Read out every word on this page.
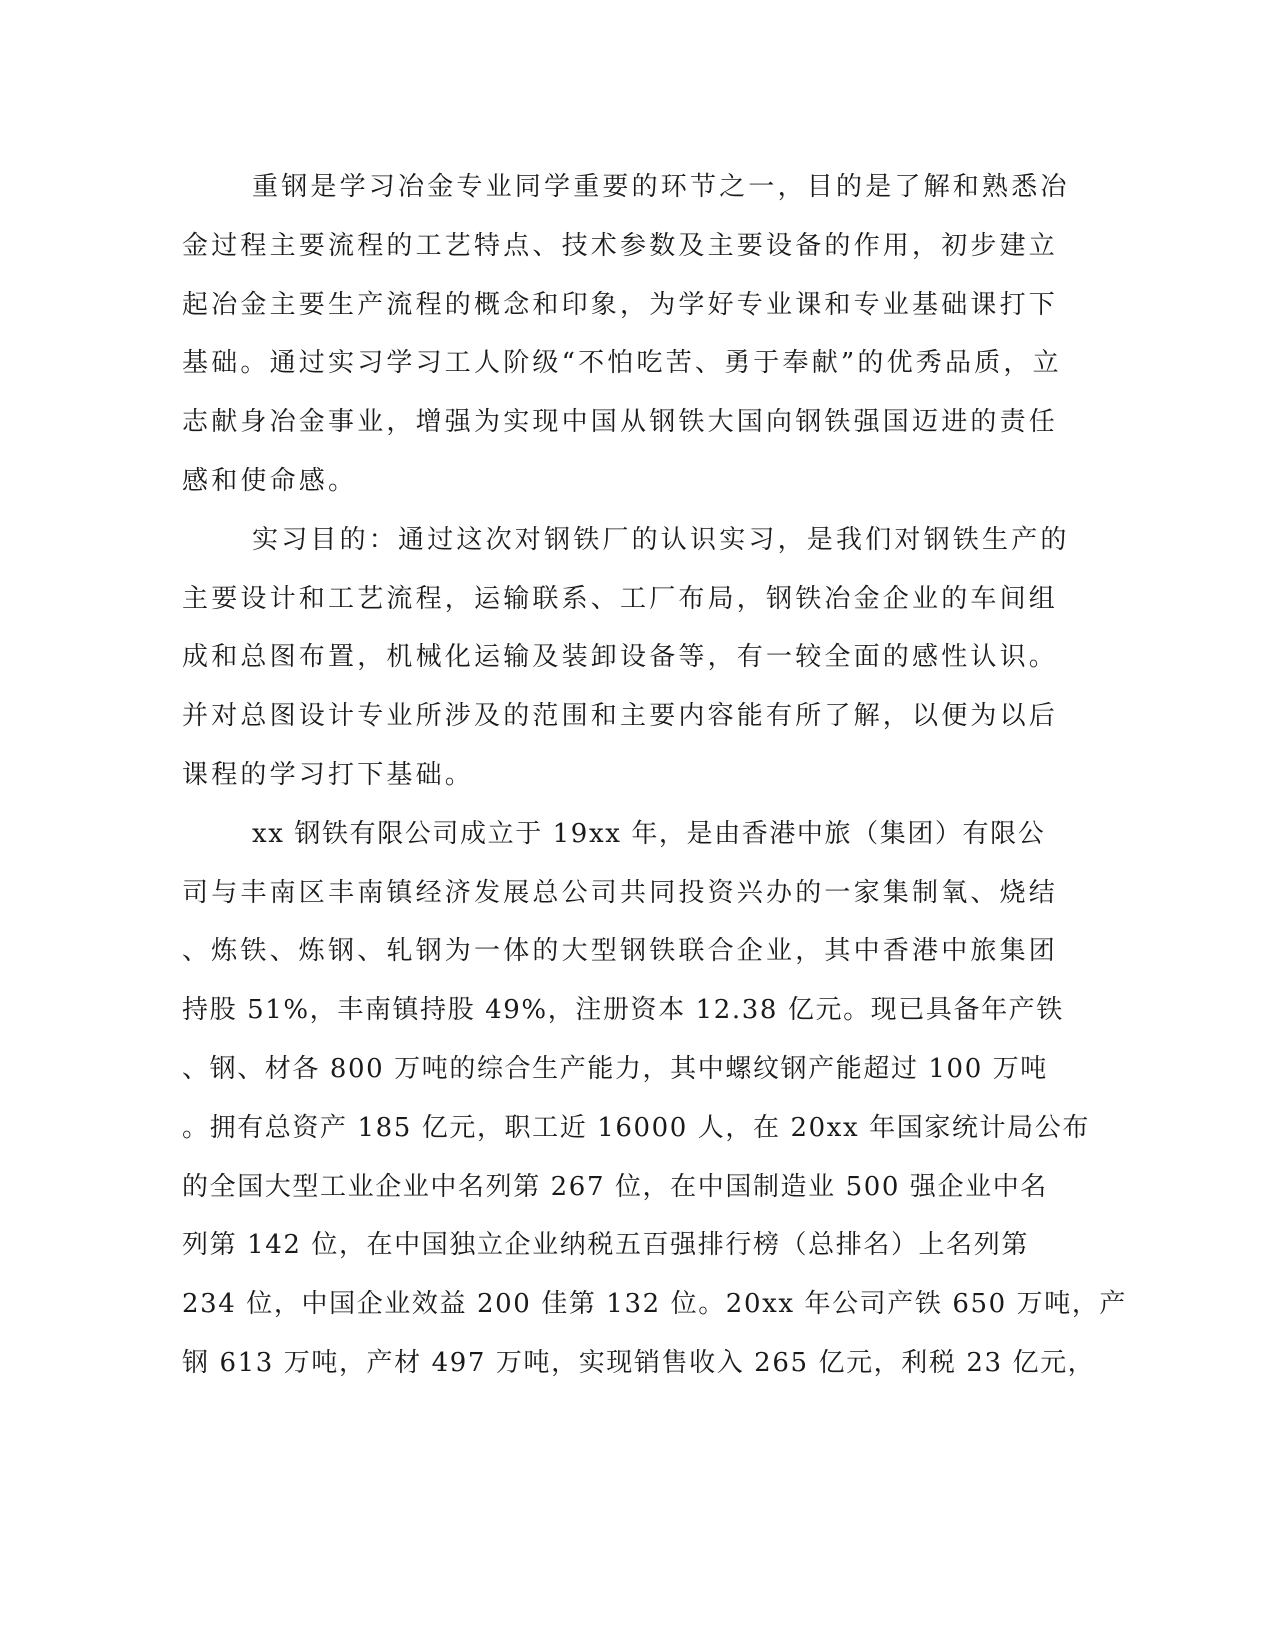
重钢是学习冶金专业同学重要的环节之一，目的是了解和熟悉冶
金过程主要流程的工艺特点、技术参数及主要设备的作用，初步建立
起冶金主要生产流程的概念和印象，为学好专业课和专业基础课打下
基础。通过实习学习工人阶级“不怕吃苦、勇于奉献”的优秀品质，立
志献身冶金事业，增强为实现中国从钢铁大国向钢铁强国迈进的责任
感和使命感。
实习目的：通过这次对钢铁厂的认识实习，是我们对钢铁生产的
主要设计和工艺流程，运输联系、工厂布局，钢铁冶金企业的车间组
成和总图布置，机械化运输及装卸设备等，有一较全面的感性认识。
并对总图设计专业所涉及的范围和主要内容能有所了解，以便为以后
课程的学习打下基础。
xx 钢铁有限公司成立于 19xx 年，是由香港中旅（集团）有限公
司与丰南区丰南镇经济发展总公司共同投资兴办的一家集制氧、烧结
、炼铁、炼钢、轧钢为一体的大型钢铁联合企业，其中香港中旅集团
持股 51%，丰南镇持股 49%，注册资本 12.38 亿元。现已具备年产铁
、钢、材各 800 万吨的综合生产能力，其中螺纹钢产能超过 100 万吨
。拥有总资产 185 亿元，职工近 16000 人，在 20xx 年国家统计局公布
的全国大型工业企业中名列第 267 位，在中国制造业 500 强企业中名
列第 142 位，在中国独立企业纳税五百强排行榜（总排名）上名列第
234 位，中国企业效益 200 佳第 132 位。20xx 年公司产铁 650 万吨，产
钢 613 万吨，产材 497 万吨，实现销售收入 265 亿元，利税 23 亿元，
